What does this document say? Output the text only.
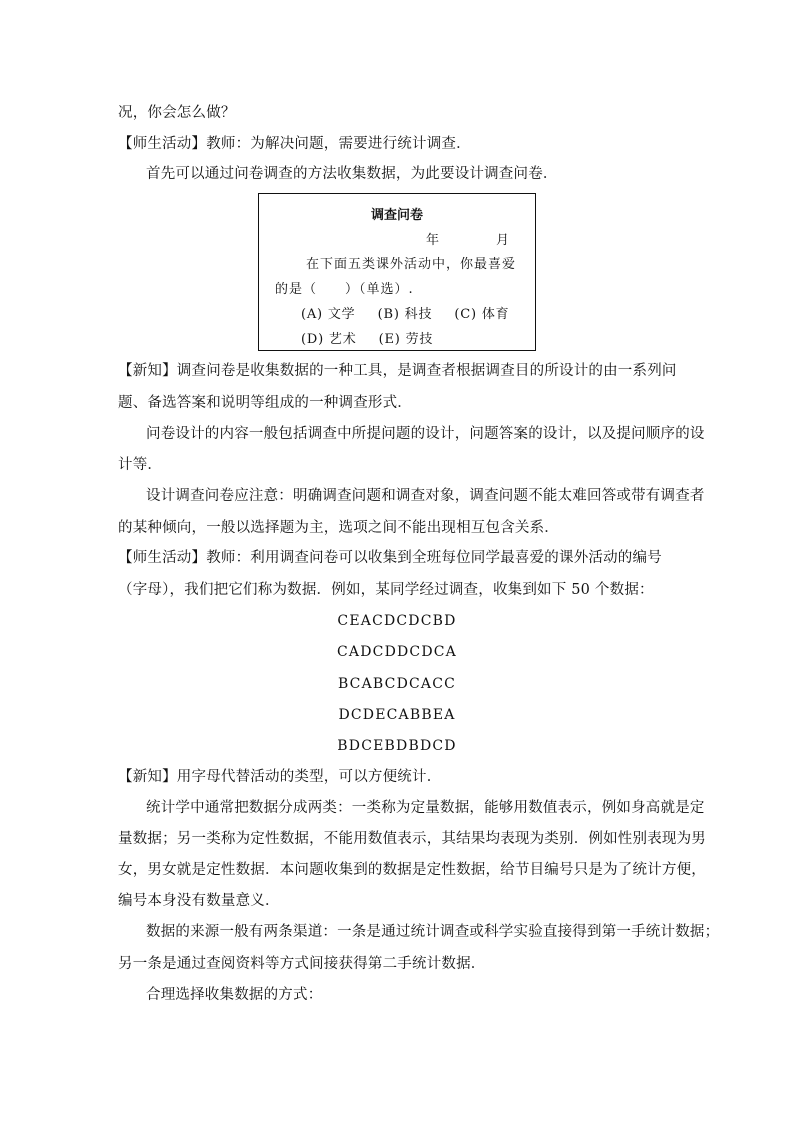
况，你会怎么做？
【师生活动】教师：为解决问题，需要进行统计调查．
首先可以通过问卷调查的方法收集数据，为此要设计调查问卷．
调查问卷
年	月
在下面五类课外活动中，你最喜爱
的是（　　）（单选）.
(A) 文学 (B) 科技 (C) 体育
(D) 艺术 (E) 劳技
【新知】调查问卷是收集数据的一种工具，是调查者根据调查目的所设计的由一系列问
题、备选答案和说明等组成的一种调查形式．
问卷设计的内容一般包括调查中所提问题的设计，问题答案的设计，以及提问顺序的设
计等．
设计调查问卷应注意：明确调查问题和调查对象，调查问题不能太难回答或带有调查者
的某种倾向，一般以选择题为主，选项之间不能出现相互包含关系．
【师生活动】教师：利用调查问卷可以收集到全班每位同学最喜爱的课外活动的编号
（字母），我们把它们称为数据．例如，某同学经过调查，收集到如下 50 个数据：
CEACDCDCBD
CADCDDCDCA
BCABCDCACC
DCDECABBEA
BDCEBDBDCD
【新知】用字母代替活动的类型，可以方便统计．
统计学中通常把数据分成两类：一类称为定量数据，能够用数值表示，例如身高就是定
量数据；另一类称为定性数据，不能用数值表示，其结果均表现为类别．例如性别表现为男
女，男女就是定性数据．本问题收集到的数据是定性数据，给节目编号只是为了统计方便，
编号本身没有数量意义．
数据的来源一般有两条渠道：一条是通过统计调查或科学实验直接得到第一手统计数据；
另一条是通过查阅资料等方式间接获得第二手统计数据．
合理选择收集数据的方式：
